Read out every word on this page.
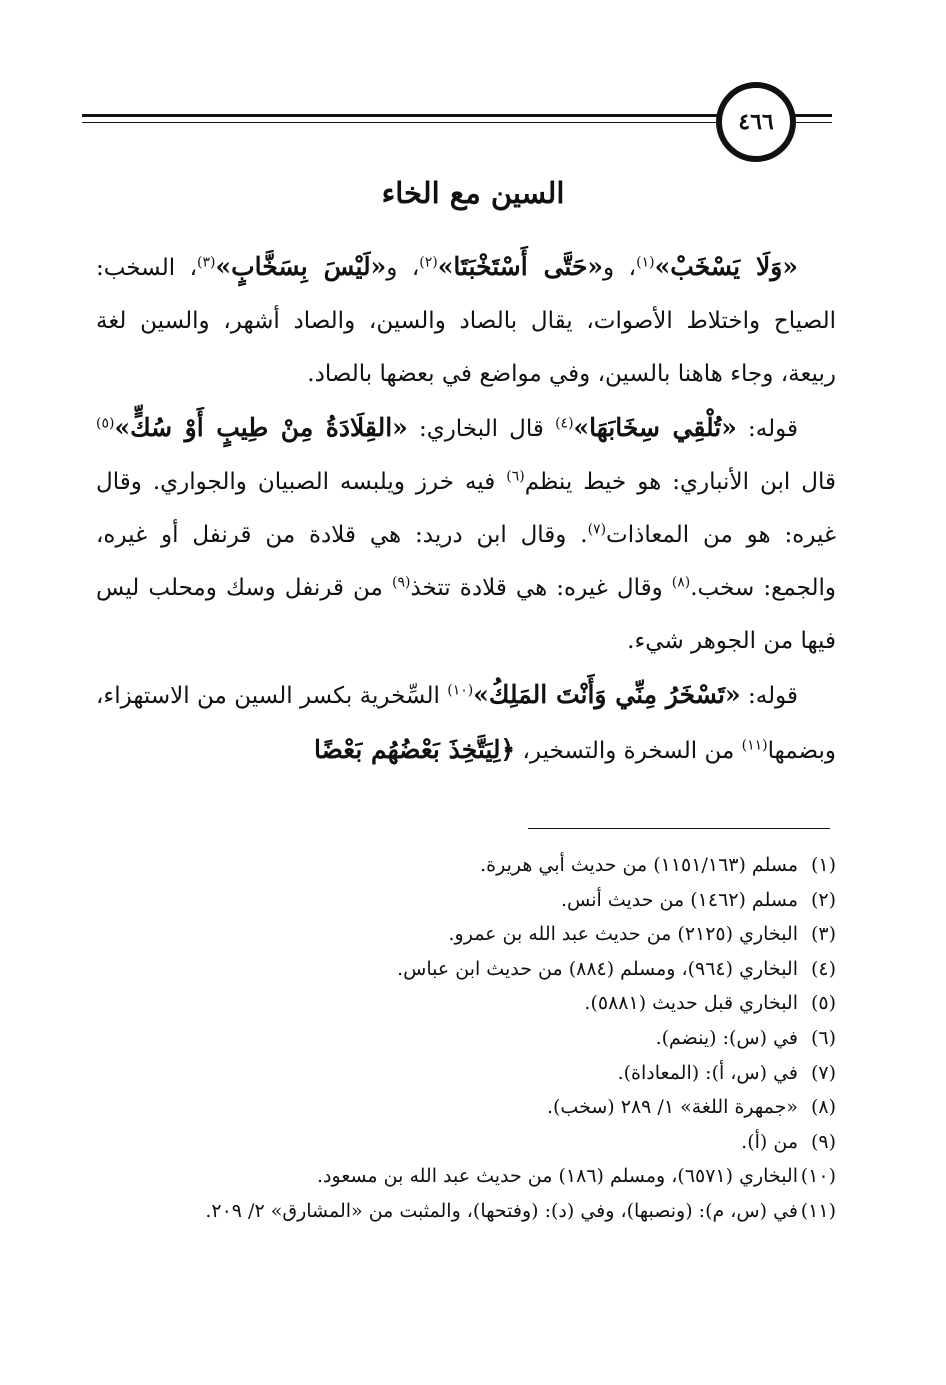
٤٦٦
السين مع الخاء

«وَلَا يَسْخَبْ»$^{(١)}$، و«حَتَّى أَسْتَخْبَتَا»$^{(٢)}$، و«لَيْسَ بِسَخَّابٍ»$^{(٣)}$، السخب: الصياح واختلاط الأصوات، يقال بالصاد والسين، والصاد أشهر، والسين لغة ربيعة، وجاء هاهنا بالسين، وفي مواضع في بعضها بالصاد.

قوله: «تُلْقِي سِخَابَهَا»$^{(٤)}$ قال البخاري: «القِلَادَةُ مِنْ طِيبٍ أَوْ سُكٍّ»$^{(٥)}$ قال ابن الأنباري: هو خيط ينظم$^{(٦)}$ فيه خرز ويلبسه الصبيان والجواري. وقال غيره: هو من المعاذات$^{(٧)}$. وقال ابن دريد: هي قلادة من قرنفل أو غيره، والجمع: سخب.$^{(٨)}$ وقال غيره: هي قلادة تتخذ$^{(٩)}$ من قرنفل وسك ومحلب ليس فيها من الجوهر شيء.

قوله: «تَسْخَرُ مِنِّي وَأَنْتَ المَلِكُ»$^{(١٠)}$ السِّخرية بكسر السين من الاستهزاء، وبضمها$^{(١١)}$ من السخرة والتسخير، ﴿لِيَتَّخِذَ بَعْضُهُم بَعْضًا

(١)مسلم (١١٥١/١٦٣) من حديث أبي هريرة.
(٢)مسلم (١٤٦٢) من حديث أنس.
(٣)البخاري (٢١٢٥) من حديث عبد الله بن عمرو.
(٤)البخاري (٩٦٤)، ومسلم (٨٨٤) من حديث ابن عباس.
(٥)البخاري قبل حديث (٥٨٨١).
(٦)في (س): (ينضم).
(٧)في (س، أ): (المعاداة).
(٨)«جمهرة اللغة» ١/ ٢٨٩ (سخب).
(٩)من (أ).
(١٠)البخاري (٦٥٧١)، ومسلم (١٨٦) من حديث عبد الله بن مسعود.
(١١)في (س، م): (ونصبها)، وفي (د): (وفتحها)، والمثبت من «المشارق» ٢/ ٢٠٩.
